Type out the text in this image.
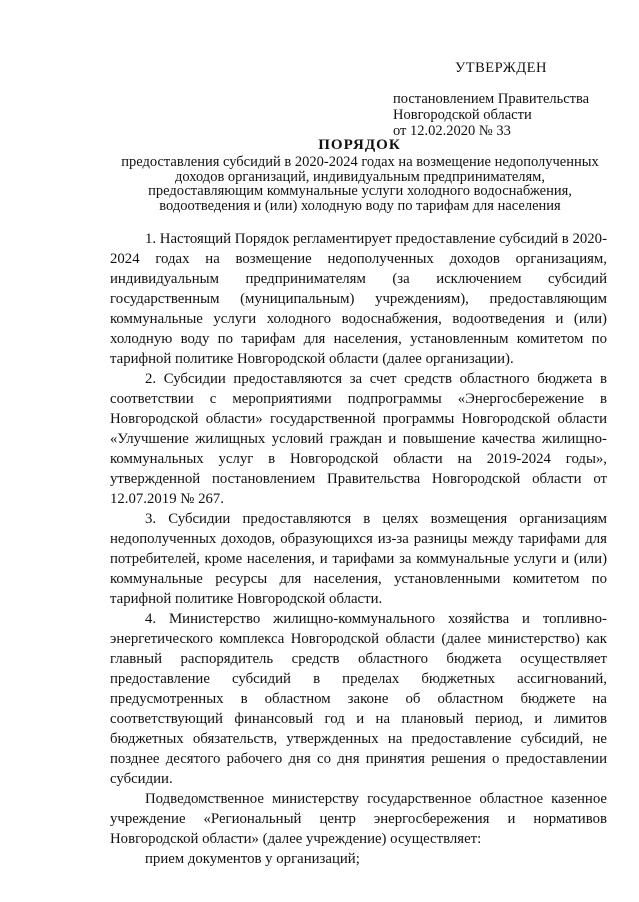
УТВЕРЖДЕН
постановлением Правительства
Новгородской области
от 12.02.2020 № 33
ПОРЯДОК
предоставления субсидий в 2020-2024 годах на возмещение недополученных
доходов организаций, индивидуальным предпринимателям,
предоставляющим коммунальные услуги холодного водоснабжения,
водоотведения и (или) холодную воду по тарифам для населения

1. Настоящий Порядок регламентирует предоставление субсидий в 2020-2024 годах на возмещение недополученных доходов организациям, индивидуальным предпринимателям (за исключением субсидий государственным (муниципальным) учреждениям), предоставляющим коммунальные услуги холодного водоснабжения, водоотведения и (или) холодную воду по тарифам для населения, установленным комитетом по тарифной политике Новгородской области (далее организации).

2. Субсидии предоставляются за счет средств областного бюджета в соответствии с мероприятиями подпрограммы «Энергосбережение в Новгородской области» государственной программы Новгородской области «Улучшение жилищных условий граждан и повышение качества жилищно-коммунальных услуг в Новгородской области на 2019-2024 годы», утвержденной постановлением Правительства Новгородской области от 12.07.2019 № 267.

3. Субсидии предоставляются в целях возмещения организациям недополученных доходов, образующихся из-за разницы между тарифами для потребителей, кроме населения, и тарифами за коммунальные услуги и (или) коммунальные ресурсы для населения, установленными комитетом по тарифной политике Новгородской области.

4. Министерство жилищно-коммунального хозяйства и топливно-энергетического комплекса Новгородской области (далее министерство) как главный распорядитель средств областного бюджета осуществляет предоставление субсидий в пределах бюджетных ассигнований, предусмотренных в областном законе об областном бюджете на соответствующий финансовый год и на плановый период, и лимитов бюджетных обязательств, утвержденных на предоставление субсидий, не позднее десятого рабочего дня со дня принятия решения о предоставлении субсидии.

Подведомственное министерству государственное областное казенное учреждение «Региональный центр энергосбережения и нормативов Новгородской области» (далее учреждение) осуществляет:

прием документов у организаций;
